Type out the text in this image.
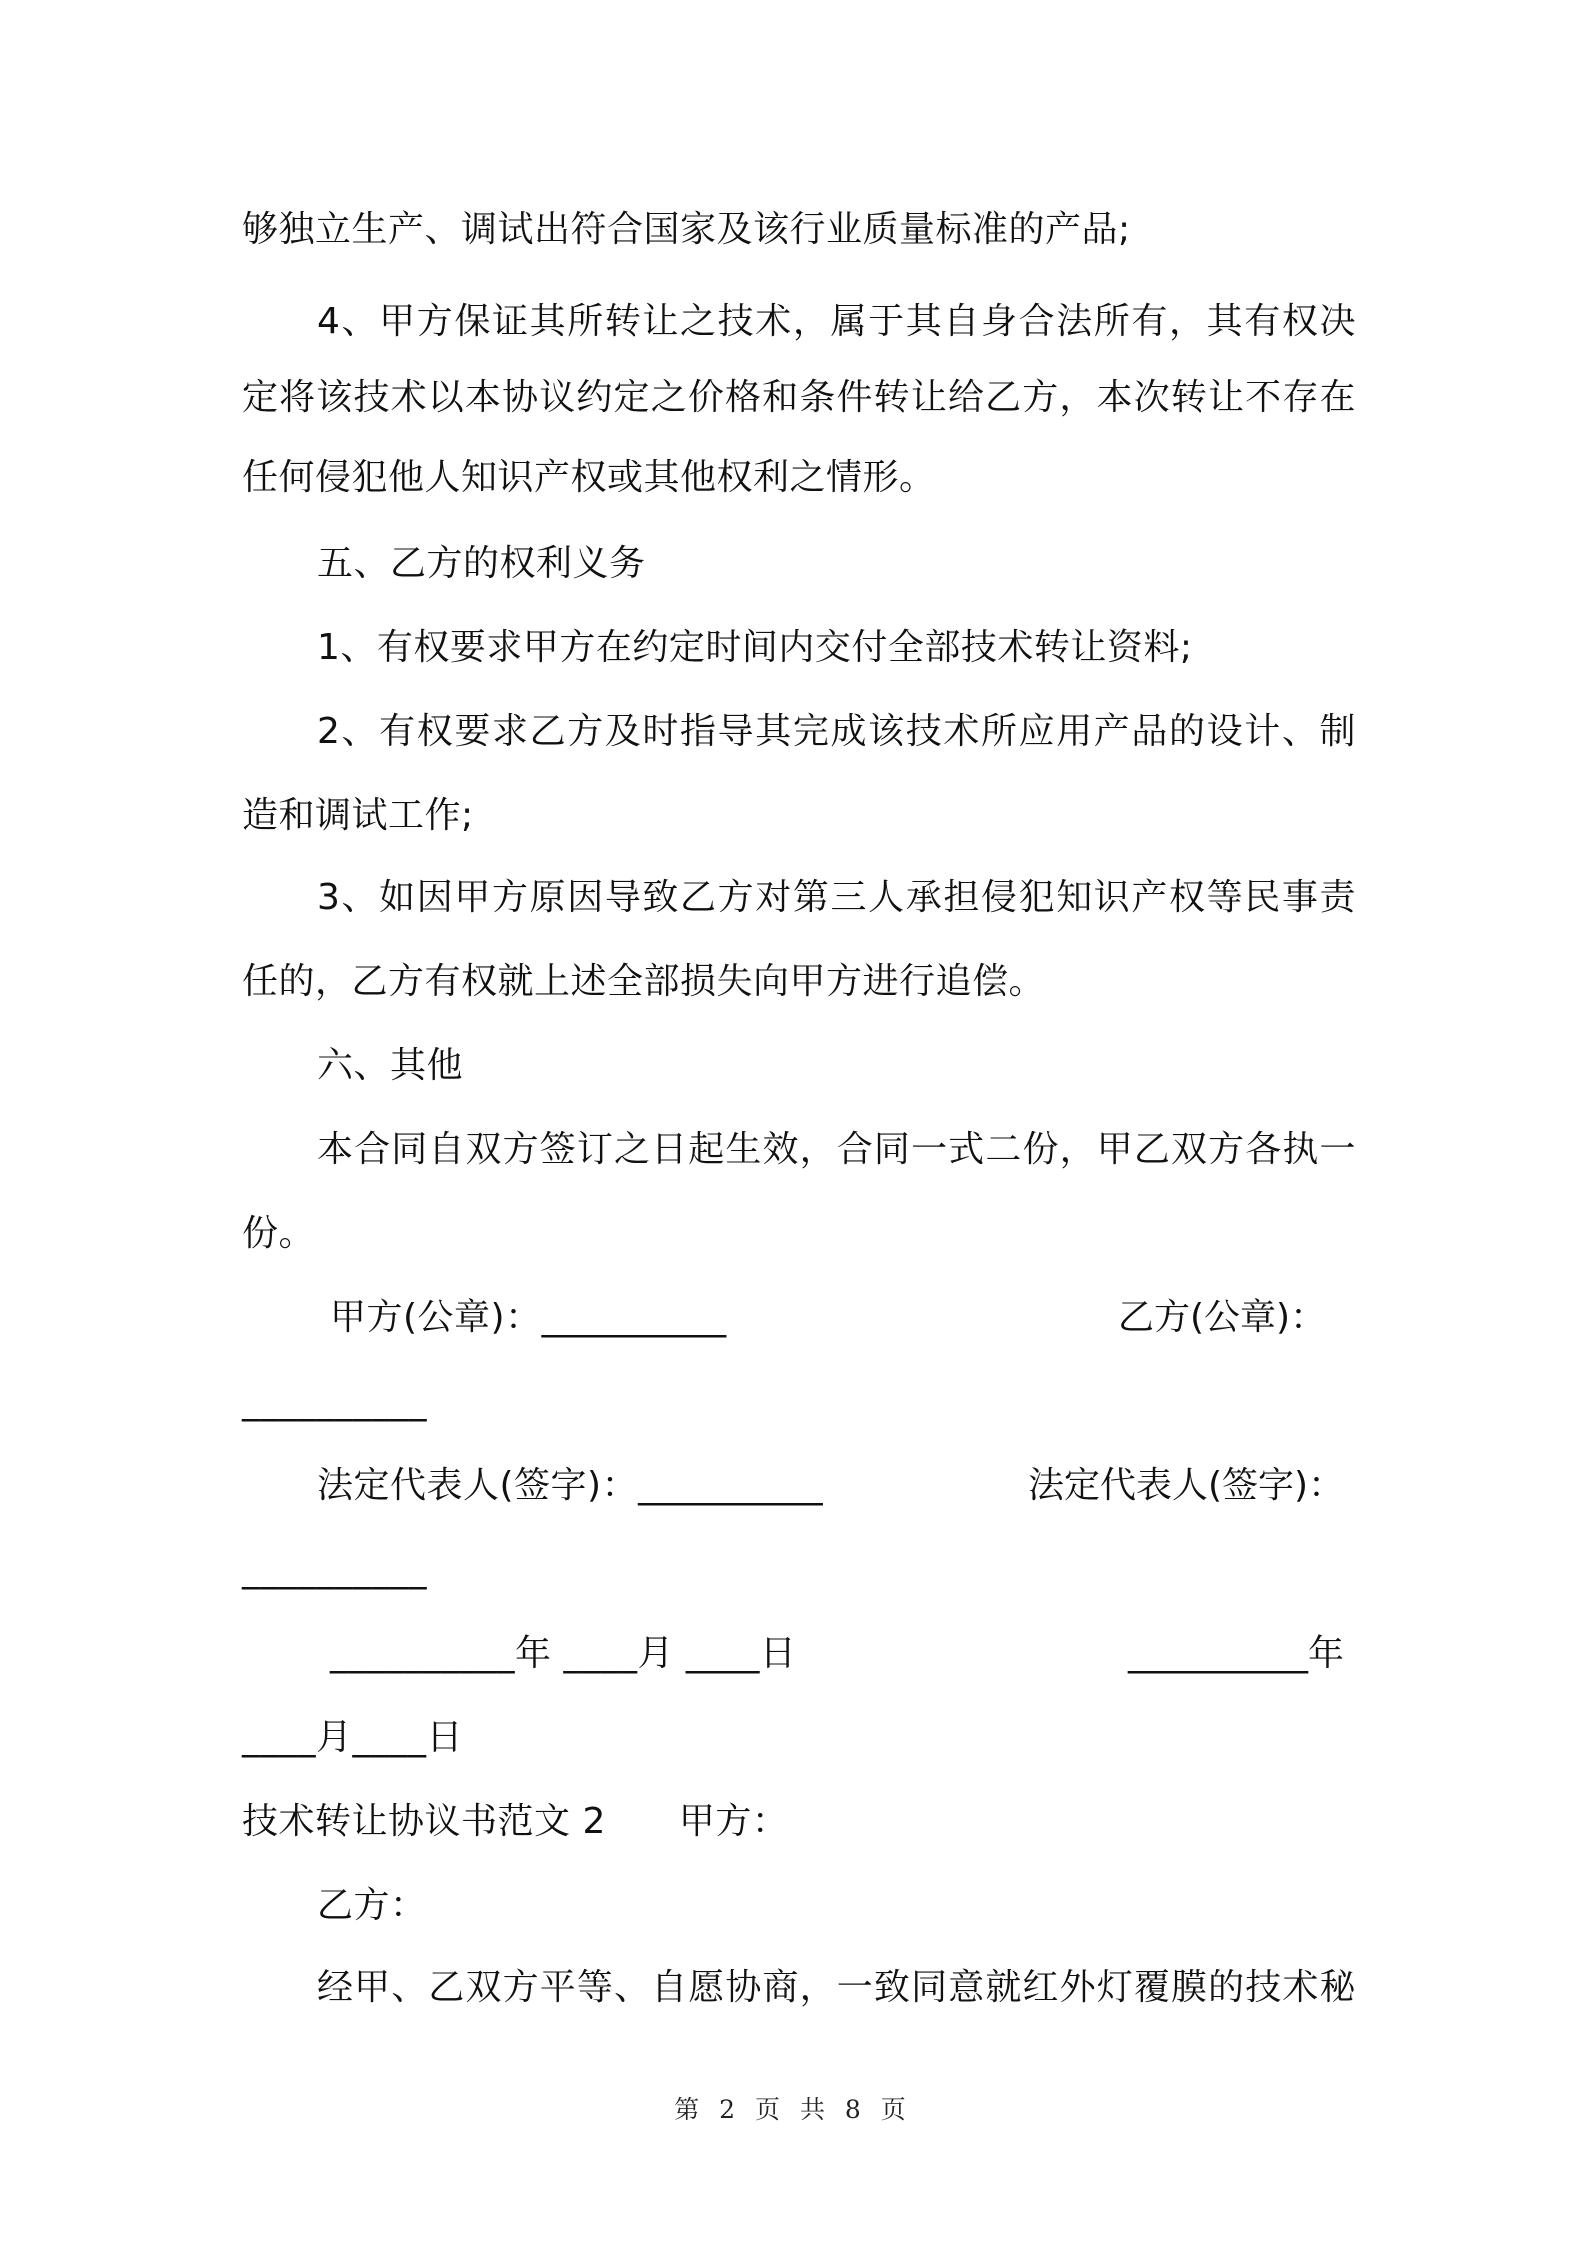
够独立生产、调试出符合国家及该行业质量标准的产品;
4、甲方保证其所转让之技术，属于其自身合法所有，其有权决
定将该技术以本协议约定之价格和条件转让给乙方，本次转让不存在
任何侵犯他人知识产权或其他权利之情形。
五、乙方的权利义务
1、有权要求甲方在约定时间内交付全部技术转让资料;
2、有权要求乙方及时指导其完成该技术所应用产品的设计、制
造和调试工作;
3、如因甲方原因导致乙方对第三人承担侵犯知识产权等民事责
任的，乙方有权就上述全部损失向甲方进行追偿。
六、其他
本合同自双方签订之日起生效，合同一式二份，甲乙双方各执一
份。
甲方(公章)：__________	乙方(公章)：
__________
法定代表人(签字)：__________	法定代表人(签字)：
__________
__________年 ____月 ____日	__________年
____月____日
技术转让协议书范文 2　　甲方：
乙方：
经甲、乙双方平等、自愿协商，一致同意就红外灯覆膜的技术秘
第 2 页 共 8 页
